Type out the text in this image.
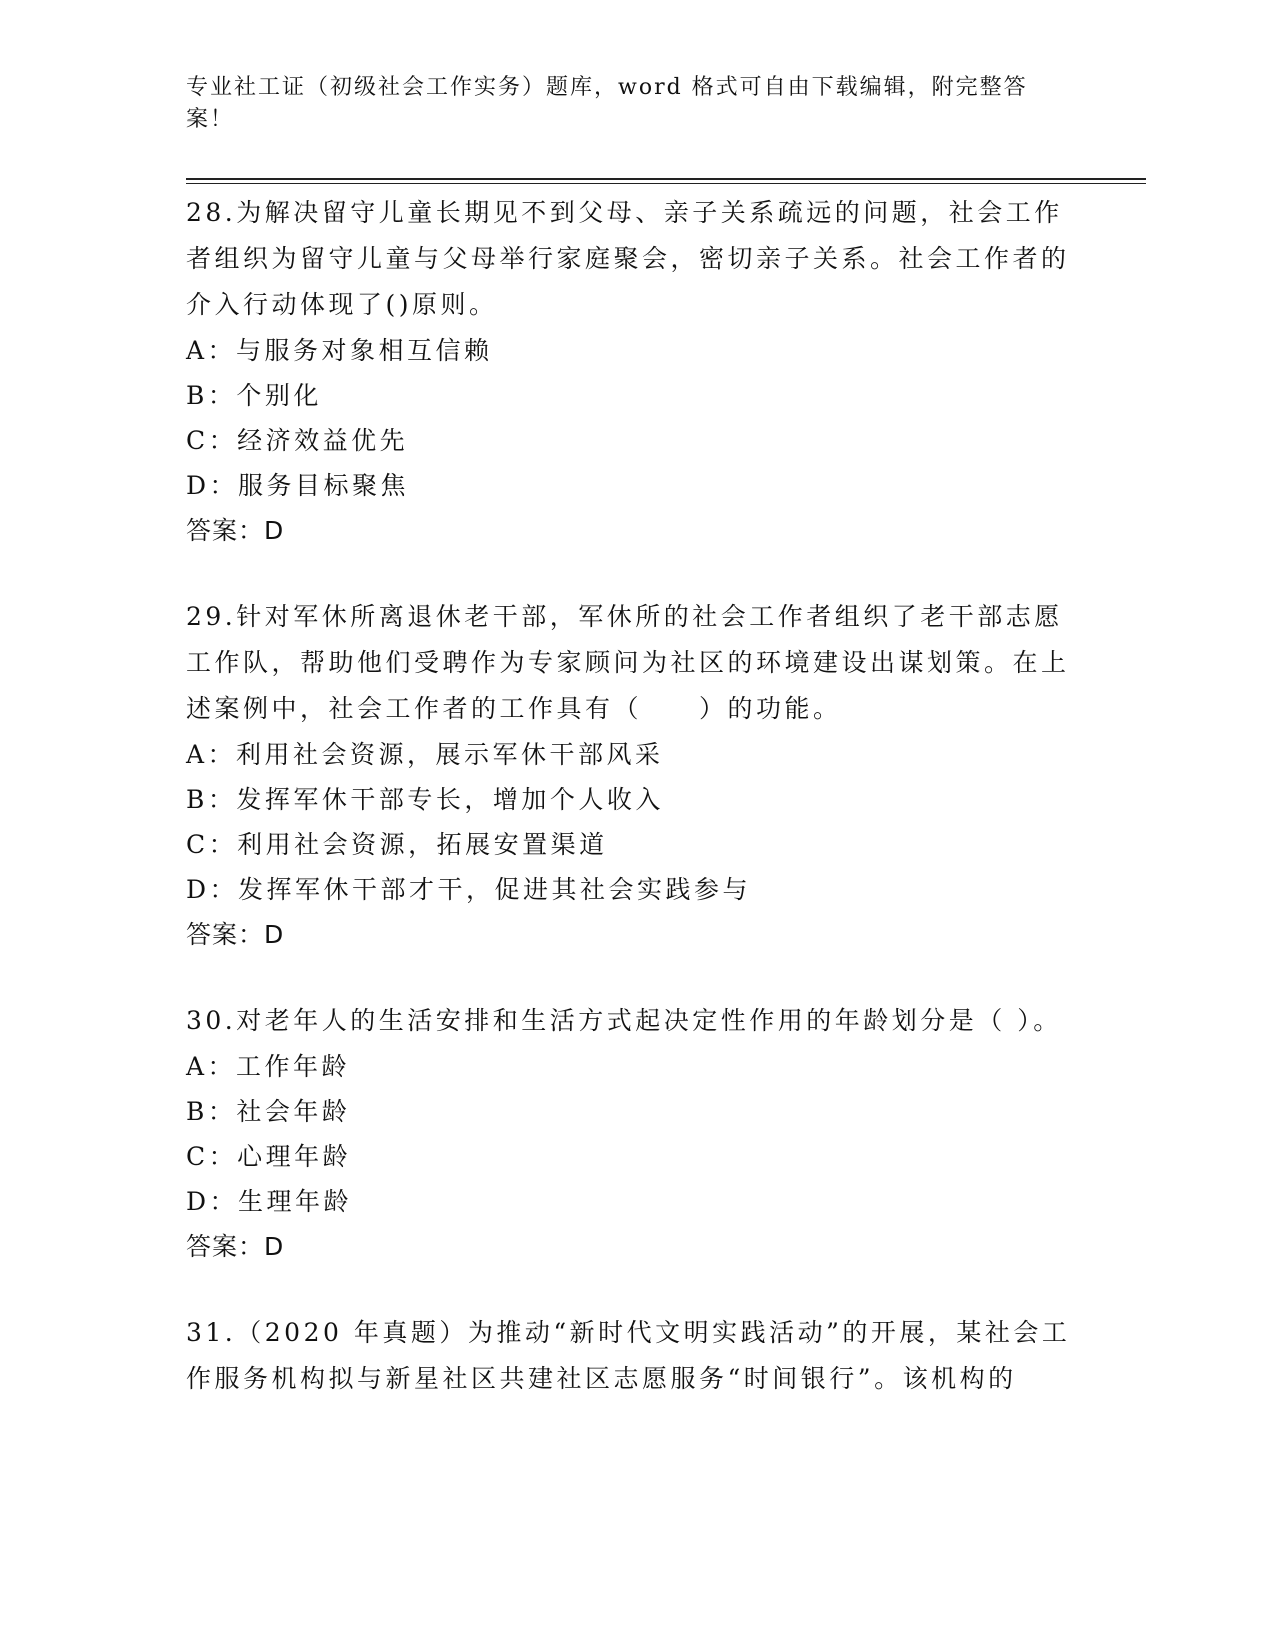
专业社工证（初级社会工作实务）题库，word 格式可自由下载编辑，附完整答案！

28.为解决留守儿童长期见不到父母、亲子关系疏远的问题，社会工作者组织为留守儿童与父母举行家庭聚会，密切亲子关系。社会工作者的介入行动体现了()原则。

A：与服务对象相互信赖

B：个别化

C：经济效益优先

D：服务目标聚焦

答案：D

29.针对军休所离退休老干部，军休所的社会工作者组织了老干部志愿工作队，帮助他们受聘作为专家顾问为社区的环境建设出谋划策。在上述案例中，社会工作者的工作具有（　　）的功能。

A：利用社会资源，展示军休干部风采

B：发挥军休干部专长，增加个人收入

C：利用社会资源，拓展安置渠道

D：发挥军休干部才干，促进其社会实践参与

答案：D

30.对老年人的生活安排和生活方式起决定性作用的年龄划分是（ ）。

A：工作年龄

B：社会年龄

C：心理年龄

D：生理年龄

答案：D

31.（2020 年真题）为推动“新时代文明实践活动”的开展，某社会工作服务机构拟与新星社区共建社区志愿服务“时间银行”。该机构的
